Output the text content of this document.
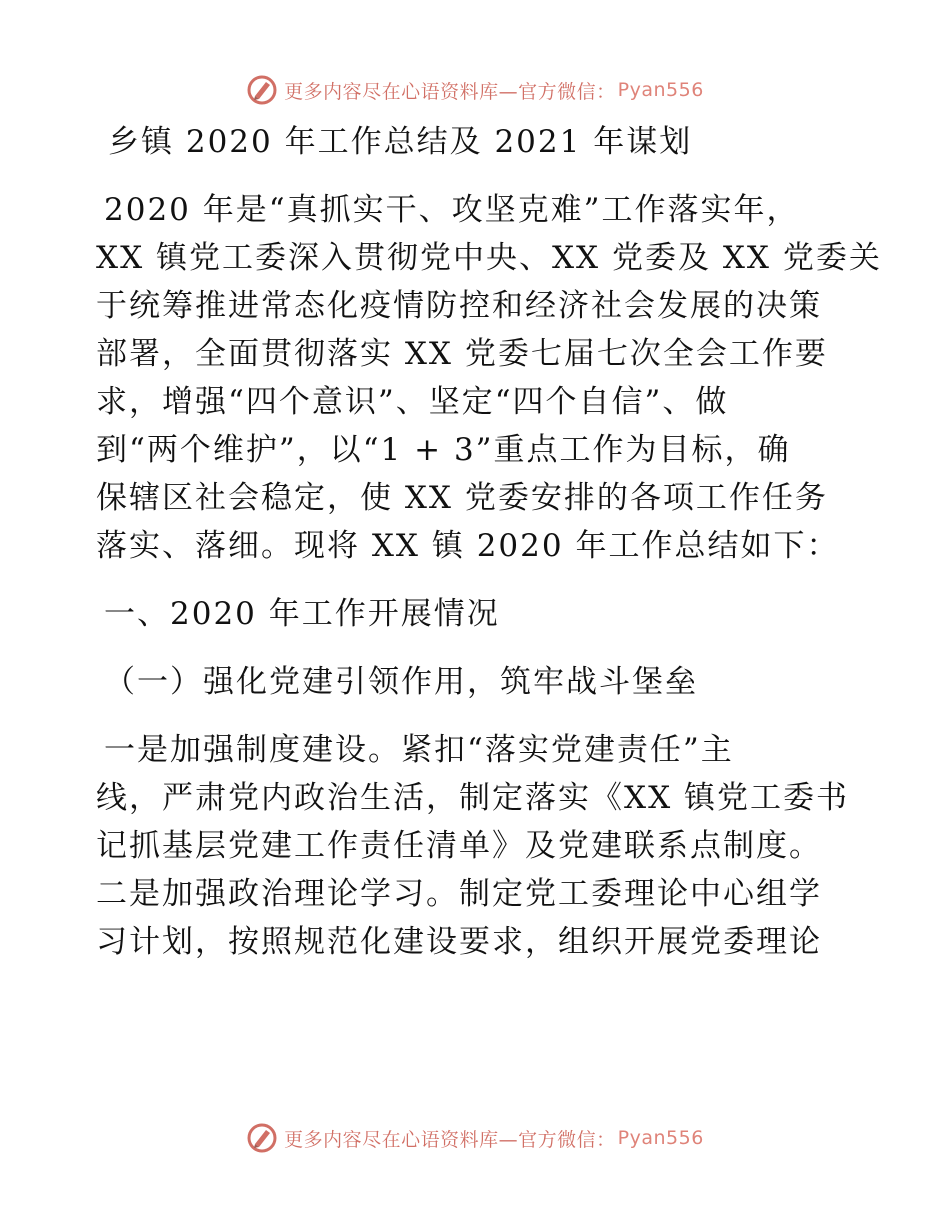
更多内容尽在心语资料库—官方微信： Pyan556
乡镇 2020 年工作总结及 2021 年谋划
2020 年是“真抓实干、攻坚克难”工作落实年，
XX 镇党工委深入贯彻党中央、XX 党委及 XX 党委关
于统筹推进常态化疫情防控和经济社会发展的决策
部署，全面贯彻落实 XX 党委七届七次全会工作要
求，增强“四个意识”、坚定“四个自信”、做
到“两个维护”，以“1 + 3”重点工作为目标，确
保辖区社会稳定，使 XX 党委安排的各项工作任务
落实、落细。现将 XX 镇 2020 年工作总结如下：
一、2020 年工作开展情况
（一）强化党建引领作用，筑牢战斗堡垒
一是加强制度建设。紧扣“落实党建责任”主
线，严肃党内政治生活，制定落实《XX 镇党工委书
记抓基层党建工作责任清单》及党建联系点制度。
二是加强政治理论学习。制定党工委理论中心组学
习计划，按照规范化建设要求，组织开展党委理论
更多内容尽在心语资料库—官方微信： Pyan556
